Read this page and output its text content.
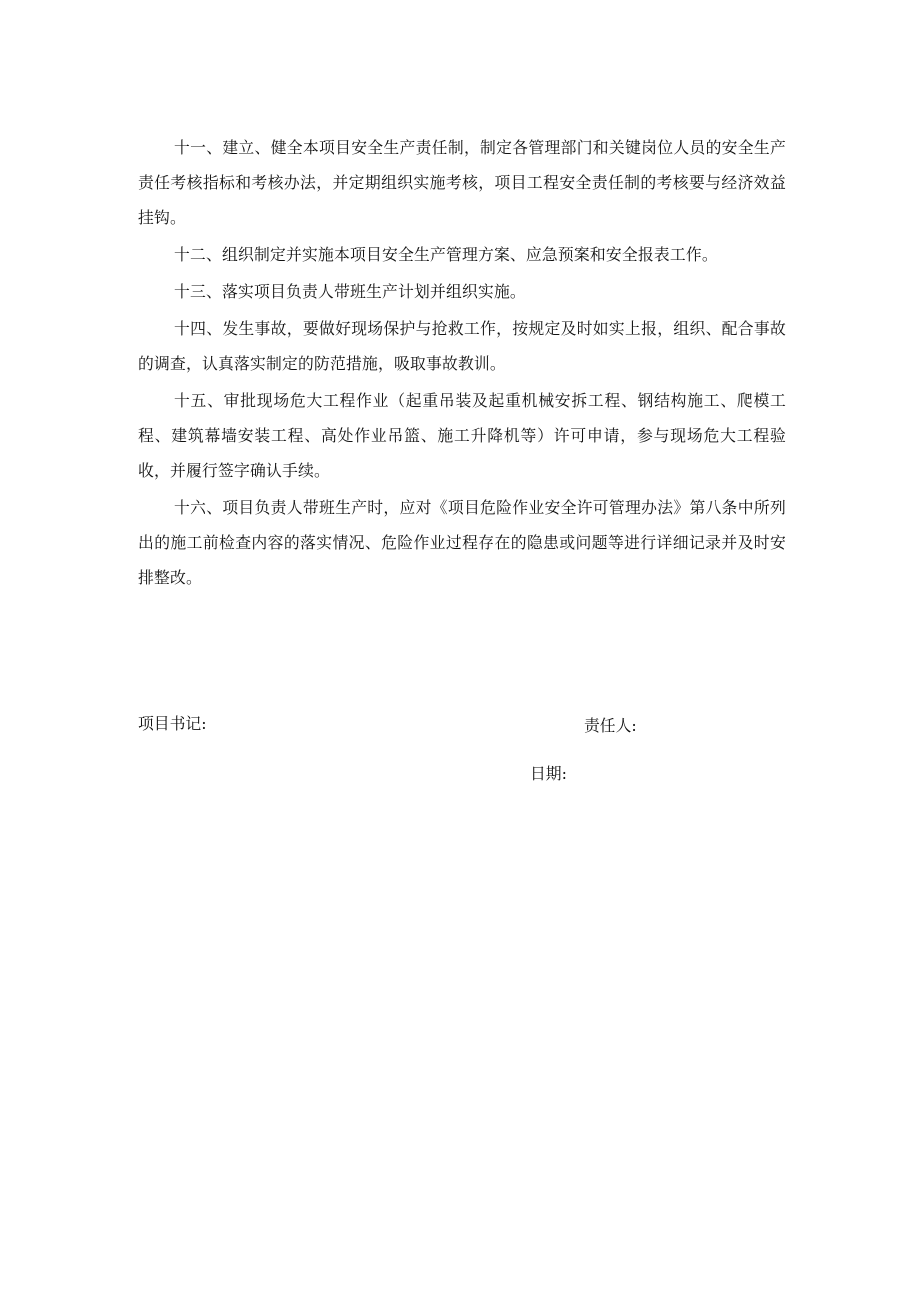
十一、建立、健全本项目安全生产责任制，制定各管理部门和关键岗位人员的安全生产责任考核指标和考核办法，并定期组织实施考核，项目工程安全责任制的考核要与经济效益挂钩。

十二、组织制定并实施本项目安全生产管理方案、应急预案和安全报表工作。

十三、落实项目负责人带班生产计划并组织实施。

十四、发生事故，要做好现场保护与抢救工作，按规定及时如实上报，组织、配合事故的调查，认真落实制定的防范措施，吸取事故教训。

十五、审批现场危大工程作业（起重吊装及起重机械安拆工程、钢结构施工、爬模工程、建筑幕墙安装工程、高处作业吊篮、施工升降机等）许可申请，参与现场危大工程验收，并履行签字确认手续。

十六、项目负责人带班生产时，应对《项目危险作业安全许可管理办法》第八条中所列出的施工前检查内容的落实情况、危险作业过程存在的隐患或问题等进行详细记录并及时安排整改。

项目书记:	责任人:
日期:
